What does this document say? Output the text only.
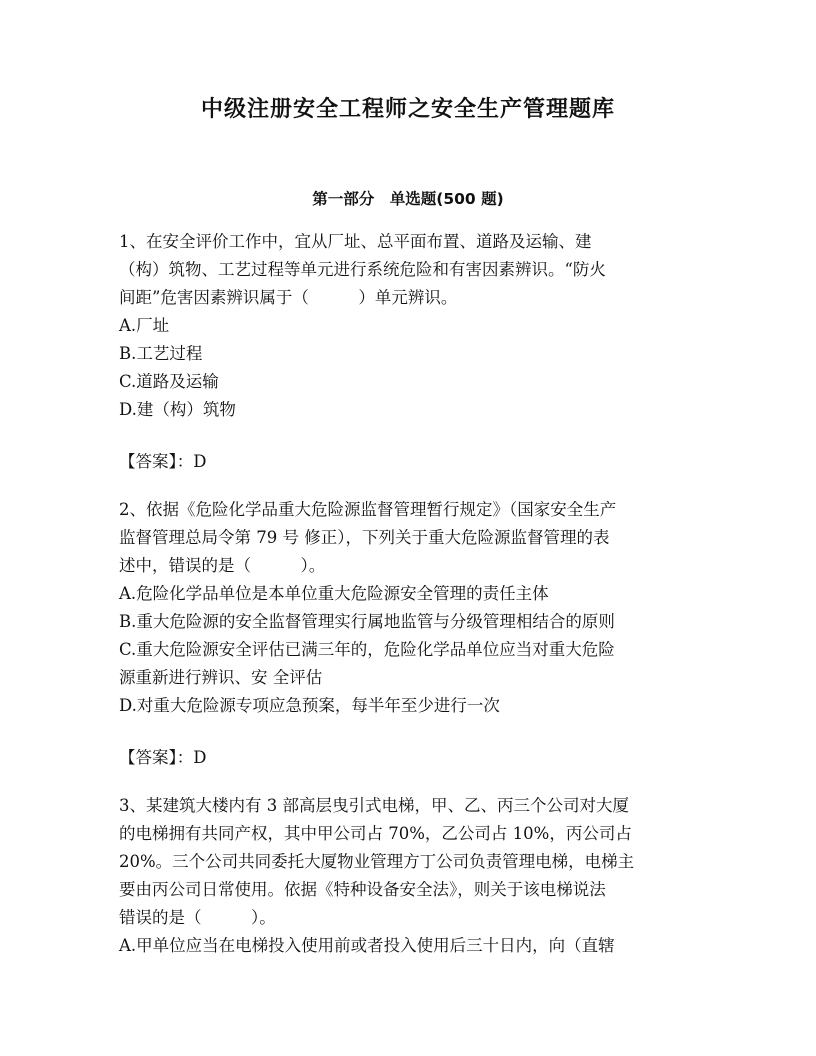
中级注册安全工程师之安全生产管理题库
第一部分　单选题(500 题)
1、在安全评价工作中，宜从厂址、总平面布置、道路及运输、建
（构）筑物、工艺过程等单元进行系统危险和有害因素辨识。“防火
间距”危害因素辨识属于（　　　）单元辨识。
A.厂址
B.工艺过程
C.道路及运输
D.建（构）筑物
【答案】：D
2、依据《危险化学品重大危险源监督管理暂行规定》（国家安全生产
监督管理总局令第 79 号 修正），下列关于重大危险源监督管理的表
述中，错误的是（　　　）。
A.危险化学品单位是本单位重大危险源安全管理的责任主体
B.重大危险源的安全监督管理实行属地监管与分级管理相结合的原则
C.重大危险源安全评估已满三年的，危险化学品单位应当对重大危险
源重新进行辨识、安 全评估
D.对重大危险源专项应急预案，每半年至少进行一次
【答案】：D
3、某建筑大楼内有 3 部高层曳引式电梯，甲、乙、丙三个公司对大厦
的电梯拥有共同产权，其中甲公司占 70%，乙公司占 10%，丙公司占
20%。三个公司共同委托大厦物业管理方丁公司负责管理电梯，电梯主
要由丙公司日常使用。依据《特种设备安全法》，则关于该电梯说法
错误的是（　　　）。
A.甲单位应当在电梯投入使用前或者投入使用后三十日内，向（直辖
